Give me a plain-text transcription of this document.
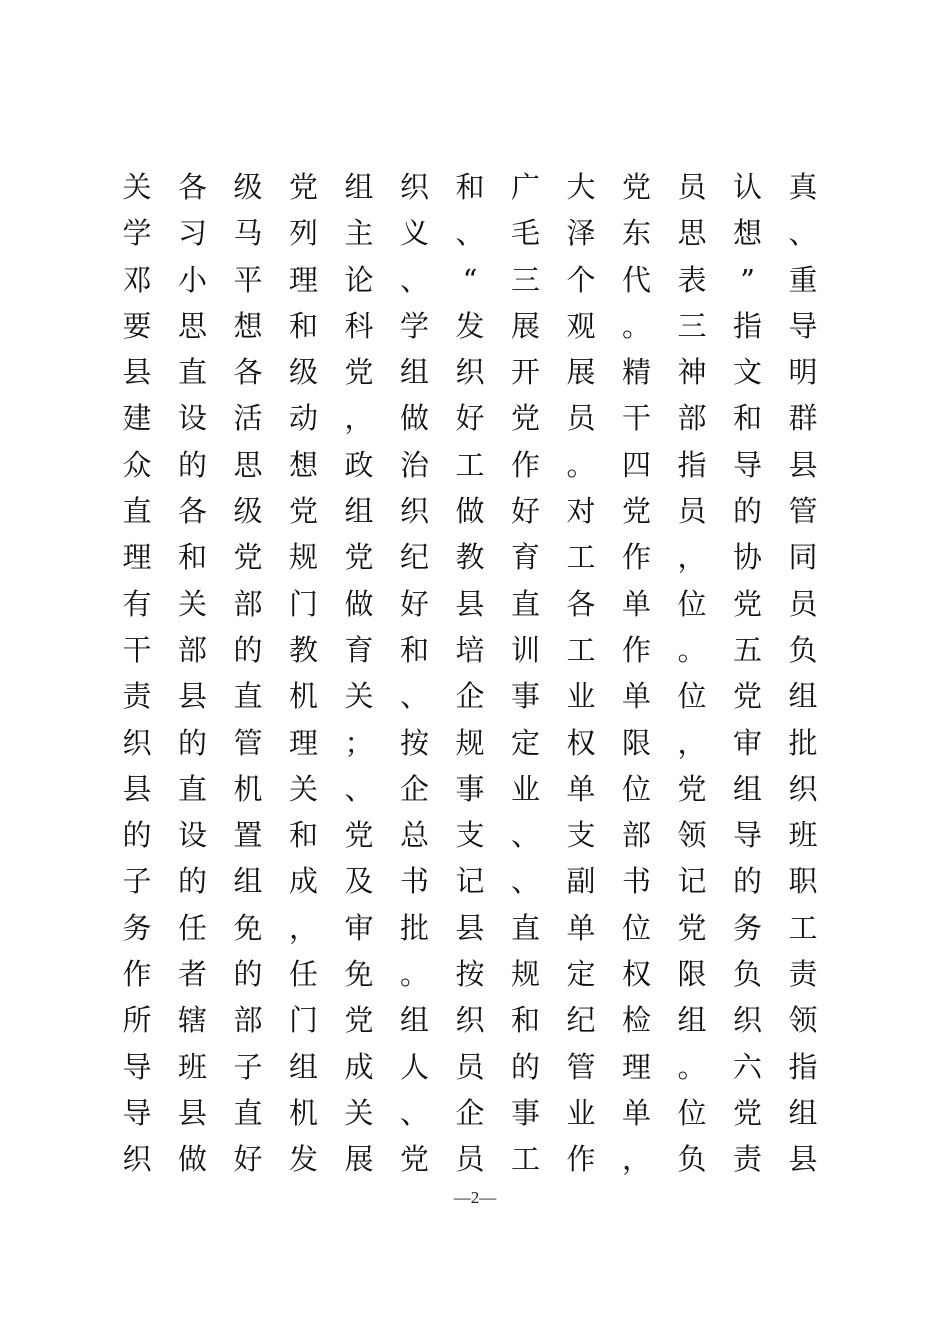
关 各 级 党 组 织 和 广 大 党 员 认 真
学 习 马 列 主 义 、 毛 泽 东 思 想 、
邓 小 平 理 论 、	“	三 个 代 表	”	重
要 思 想 和 科 学 发 展 观 。 三 指 导
县 直 各 级 党 组 织 开 展 精 神 文 明
建 设 活 动 ， 做 好 党 员 干 部 和 群
众 的 思 想 政 治 工 作 。 四 指 导 县
直 各 级 党 组 织 做 好 对 党 员 的 管
理 和 党 规 党 纪 教 育 工 作 ， 协 同
有 关 部 门 做 好 县 直 各 单 位 党 员
干 部 的 教 育 和 培 训 工 作 。 五 负
责 县 直 机 关 、 企 事 业 单 位 党 组
织 的 管 理 ； 按 规 定 权 限 ， 审 批
县 直 机 关 、 企 事 业 单 位 党 组 织
的 设 置 和 党 总 支 、 支 部 领 导 班
子 的 组 成 及 书 记 、 副 书 记 的 职
务 任 免 ， 审 批 县 直 单 位 党 务 工
作 者 的 任 免 。 按 规 定 权 限 负 责
所 辖 部 门 党 组 织 和 纪 检 组 织 领
导 班 子 组 成 人 员 的 管 理 。 六 指
导 县 直 机 关 、 企 事 业 单 位 党 组
织 做 好 发 展 党 员 工 作 ， 负 责 县
—2—
